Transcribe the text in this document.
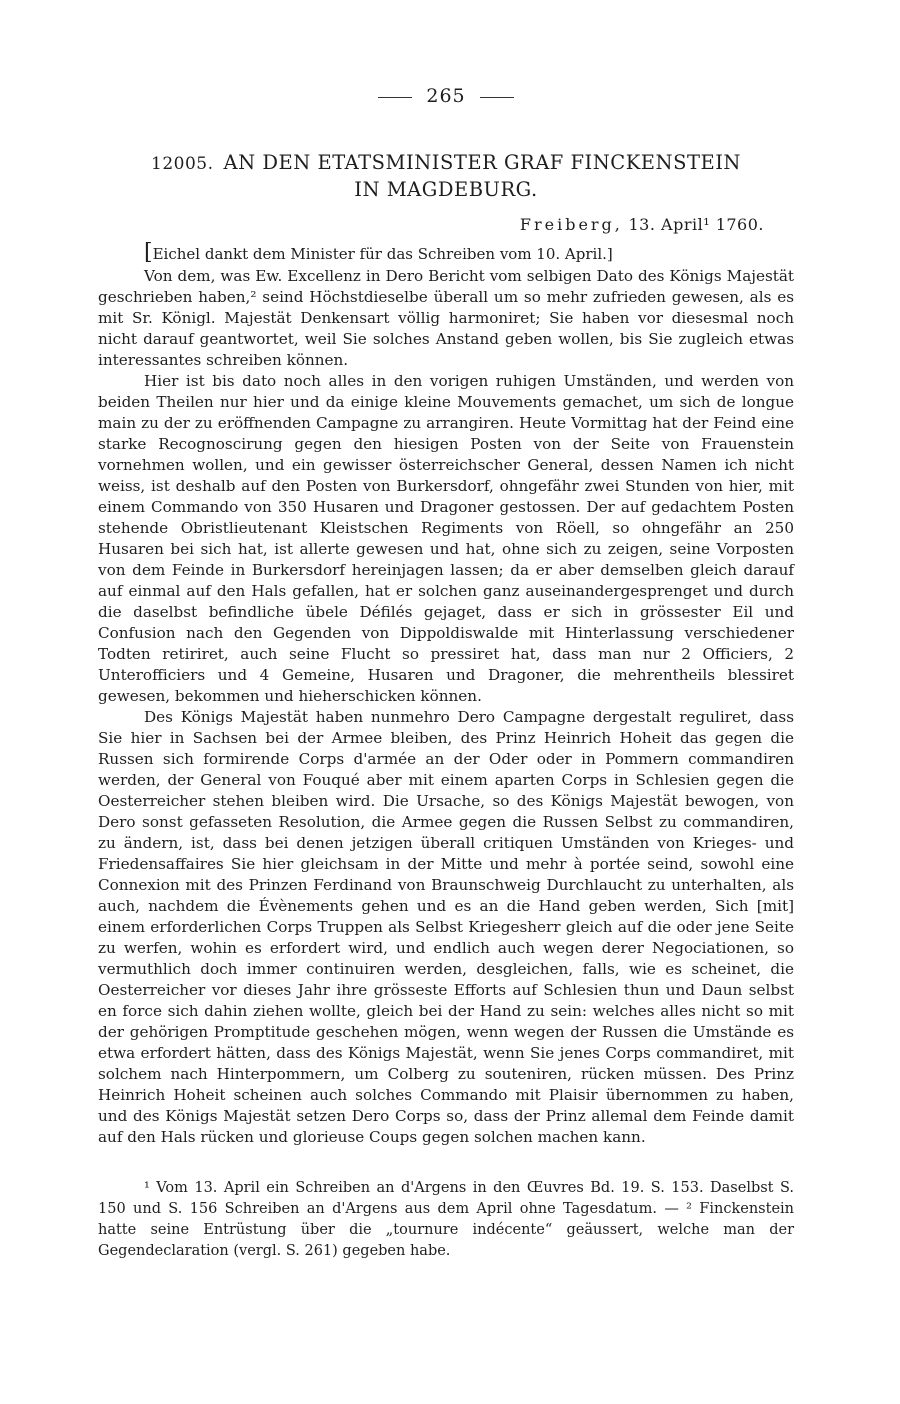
265
12005. AN DEN ETATSMINISTER GRAF FINCKENSTEIN
IN MAGDEBURG.
Freiberg, 13. April¹ 1760.
[Eichel dankt dem Minister für das Schreiben vom 10. April.]

Von dem, was Ew. Excellenz in Dero Bericht vom selbigen Dato des Königs Majestät geschrieben haben,² seind Höchstdieselbe überall um so mehr zufrieden gewesen, als es mit Sr. Königl. Majestät Denkensart völlig harmoniret; Sie haben vor diesesmal noch nicht darauf geantwortet, weil Sie solches Anstand geben wollen, bis Sie zugleich etwas interessantes schreiben können.

Hier ist bis dato noch alles in den vorigen ruhigen Umständen, und werden von beiden Theilen nur hier und da einige kleine Mouvements gemachet, um sich de longue main zu der zu eröffnenden Campagne zu arrangiren. Heute Vormittag hat der Feind eine starke Recognoscirung gegen den hiesigen Posten von der Seite von Frauenstein vornehmen wollen, und ein gewisser österreichscher General, dessen Namen ich nicht weiss, ist deshalb auf den Posten von Burkersdorf, ohngefähr zwei Stunden von hier, mit einem Commando von 350 Husaren und Dragoner gestossen. Der auf gedachtem Posten stehende Obristlieutenant Kleistschen Regiments von Röell, so ohngefähr an 250 Husaren bei sich hat, ist allerte gewesen und hat, ohne sich zu zeigen, seine Vorposten von dem Feinde in Burkersdorf hereinjagen lassen; da er aber demselben gleich darauf auf einmal auf den Hals gefallen, hat er solchen ganz auseinandergesprenget und durch die daselbst befindliche übele Défilés gejaget, dass er sich in grössester Eil und Confusion nach den Gegenden von Dippoldiswalde mit Hinterlassung verschiedener Todten retiriret, auch seine Flucht so pressiret hat, dass man nur 2 Officiers, 2 Unterofficiers und 4 Gemeine, Husaren und Dragoner, die mehrentheils blessiret gewesen, bekommen und hieherschicken können.

Des Königs Majestät haben nunmehro Dero Campagne dergestalt reguliret, dass Sie hier in Sachsen bei der Armee bleiben, des Prinz Heinrich Hoheit das gegen die Russen sich formirende Corps d'armée an der Oder oder in Pommern commandiren werden, der General von Fouqué aber mit einem aparten Corps in Schlesien gegen die Oesterreicher stehen bleiben wird. Die Ursache, so des Königs Majestät bewogen, von Dero sonst gefasseten Resolution, die Armee gegen die Russen Selbst zu commandiren, zu ändern, ist, dass bei denen jetzigen überall critiquen Umständen von Krieges- und Friedensaffaires Sie hier gleichsam in der Mitte und mehr à portée seind, sowohl eine Connexion mit des Prinzen Ferdinand von Braunschweig Durchlaucht zu unterhalten, als auch, nachdem die Évènements gehen und es an die Hand geben werden, Sich [mit] einem erforderlichen Corps Truppen als Selbst Kriegesherr gleich auf die oder jene Seite zu werfen, wohin es erfordert wird, und endlich auch wegen derer Negociationen, so vermuthlich doch immer continuiren werden, desgleichen, falls, wie es scheinet, die Oesterreicher vor dieses Jahr ihre grösseste Efforts auf Schlesien thun und Daun selbst en force sich dahin ziehen wollte, gleich bei der Hand zu sein: welches alles nicht so mit der gehörigen Promptitude geschehen mögen, wenn wegen der Russen die Umstände es etwa erfordert hätten, dass des Königs Majestät, wenn Sie jenes Corps commandiret, mit solchem nach Hinterpommern, um Colberg zu souteniren, rücken müssen. Des Prinz Heinrich Hoheit scheinen auch solches Commando mit Plaisir übernommen zu haben, und des Königs Majestät setzen Dero Corps so, dass der Prinz allemal dem Feinde damit auf den Hals rücken und glorieuse Coups gegen solchen machen kann.

¹ Vom 13. April ein Schreiben an d'Argens in den Œuvres Bd. 19. S. 153. Daselbst S. 150 und S. 156 Schreiben an d'Argens aus dem April ohne Tagesdatum. — ² Finckenstein hatte seine Entrüstung über die „tournure indécente“ geäussert, welche man der Gegendeclaration (vergl. S. 261) gegeben habe.
